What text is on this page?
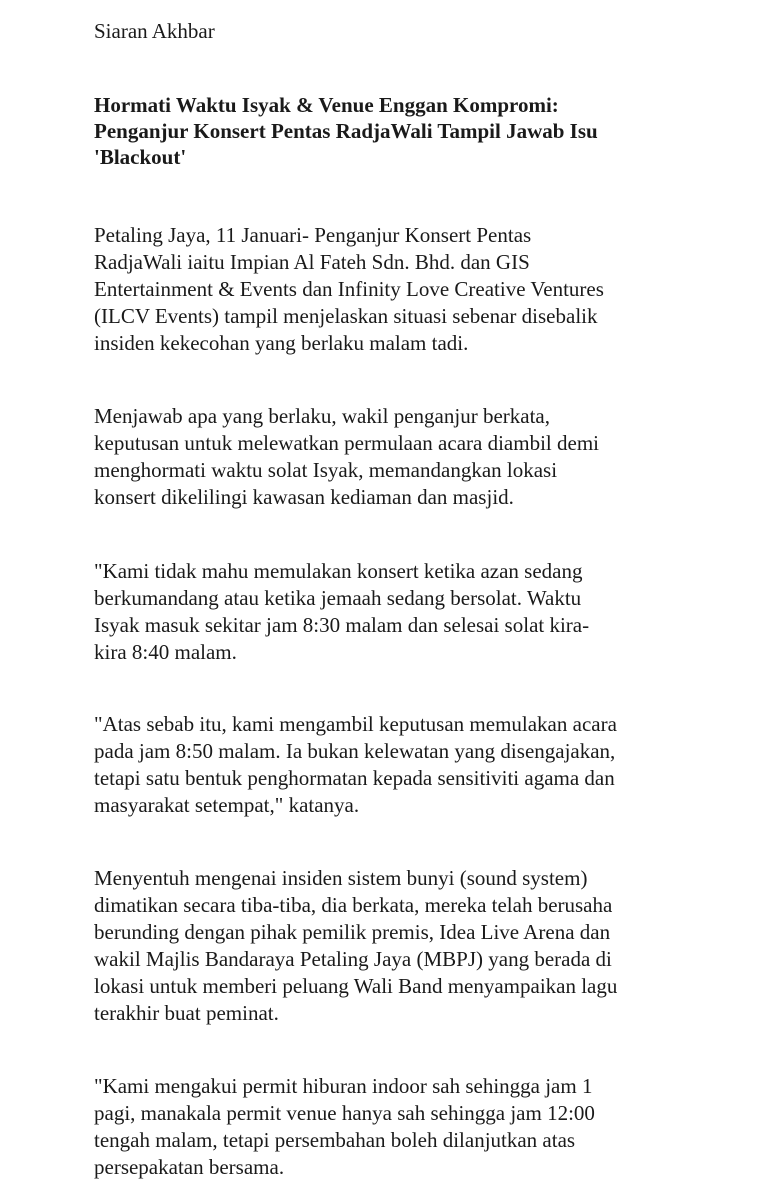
Siaran Akhbar
Hormati Waktu Isyak & Venue Enggan Kompromi:
Penganjur Konsert Pentas RadjaWali Tampil Jawab Isu
'Blackout'
Petaling Jaya, 11 Januari- Penganjur Konsert Pentas
RadjaWali iaitu Impian Al Fateh Sdn. Bhd. dan GIS
Entertainment & Events dan Infinity Love Creative Ventures
(ILCV Events) tampil menjelaskan situasi sebenar disebalik
insiden kekecohan yang berlaku malam tadi.
Menjawab apa yang berlaku, wakil penganjur berkata,
keputusan untuk melewatkan permulaan acara diambil demi
menghormati waktu solat Isyak, memandangkan lokasi
konsert dikelilingi kawasan kediaman dan masjid.
"Kami tidak mahu memulakan konsert ketika azan sedang
berkumandang atau ketika jemaah sedang bersolat. Waktu
Isyak masuk sekitar jam 8:30 malam dan selesai solat kira-
kira 8:40 malam.
"Atas sebab itu, kami mengambil keputusan memulakan acara
pada jam 8:50 malam. Ia bukan kelewatan yang disengajakan,
tetapi satu bentuk penghormatan kepada sensitiviti agama dan
masyarakat setempat," katanya.
Menyentuh mengenai insiden sistem bunyi (sound system)
dimatikan secara tiba-tiba, dia berkata, mereka telah berusaha
berunding dengan pihak pemilik premis, Idea Live Arena dan
wakil Majlis Bandaraya Petaling Jaya (MBPJ) yang berada di
lokasi untuk memberi peluang Wali Band menyampaikan lagu
terakhir buat peminat.
"Kami mengakui permit hiburan indoor sah sehingga jam 1
pagi, manakala permit venue hanya sah sehingga jam 12:00
tengah malam, tetapi persembahan boleh dilanjutkan atas
persepakatan bersama.
